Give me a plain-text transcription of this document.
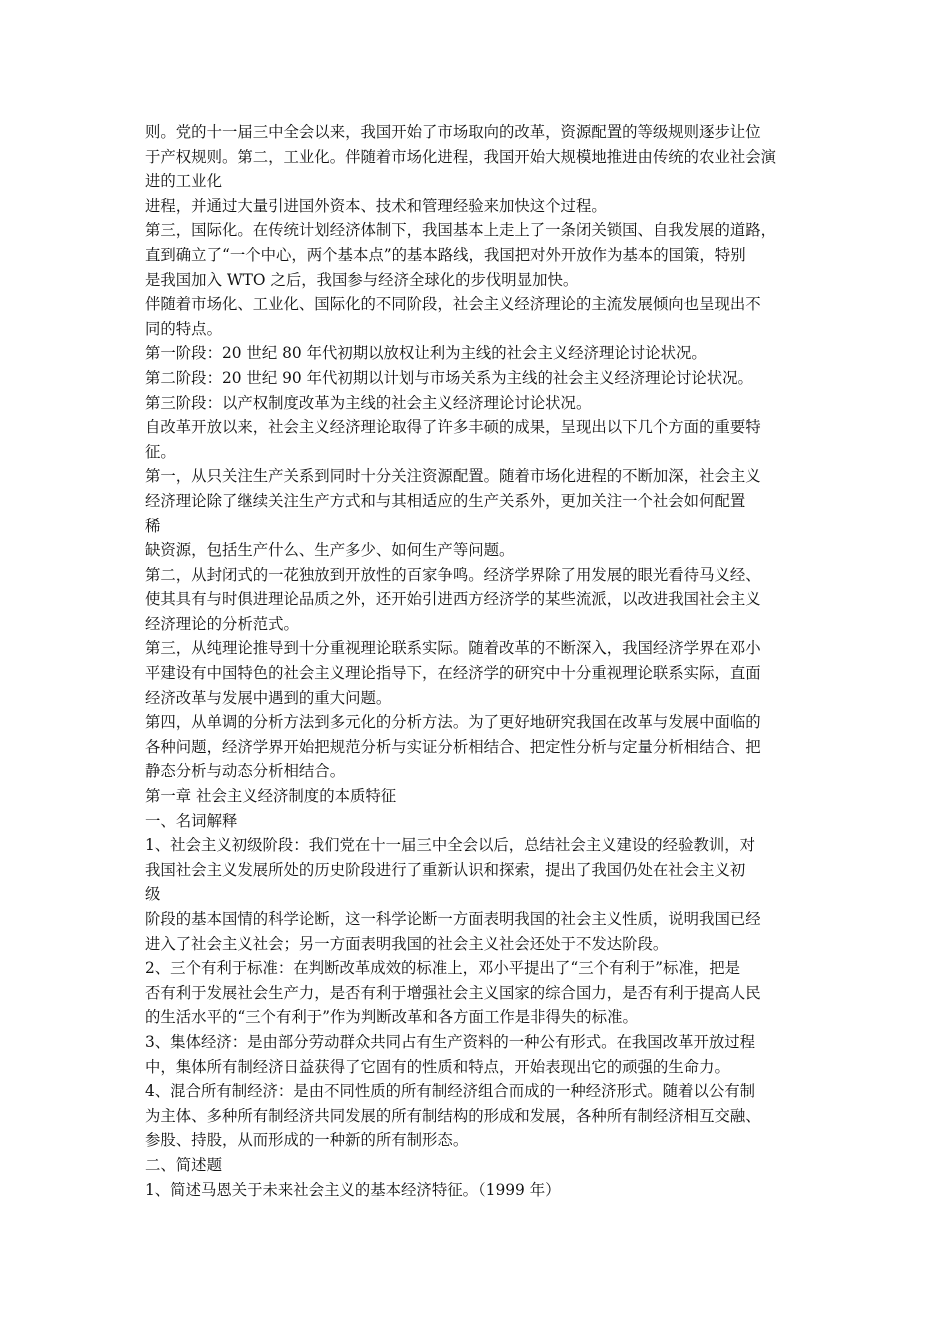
则。党的十一届三中全会以来，我国开始了市场取向的改革，资源配置的等级规则逐步让位
于产权规则。第二，工业化。伴随着市场化进程，我国开始大规模地推进由传统的农业社会演
进的工业化
进程，并通过大量引进国外资本、技术和管理经验来加快这个过程。
第三，国际化。在传统计划经济体制下，我国基本上走上了一条闭关锁国、自我发展的道路，
直到确立了“一个中心，两个基本点”的基本路线，我国把对外开放作为基本的国策，特别
是我国加入 WTO 之后，我国参与经济全球化的步伐明显加快。
伴随着市场化、工业化、国际化的不同阶段，社会主义经济理论的主流发展倾向也呈现出不
同的特点。
第一阶段：20 世纪 80 年代初期以放权让利为主线的社会主义经济理论讨论状况。
第二阶段：20 世纪 90 年代初期以计划与市场关系为主线的社会主义经济理论讨论状况。
第三阶段：以产权制度改革为主线的社会主义经济理论讨论状况。
自改革开放以来，社会主义经济理论取得了许多丰硕的成果，呈现出以下几个方面的重要特
征。
第一，从只关注生产关系到同时十分关注资源配置。随着市场化进程的不断加深，社会主义
经济理论除了继续关注生产方式和与其相适应的生产关系外，更加关注一个社会如何配置
稀
缺资源，包括生产什么、生产多少、如何生产等问题。
第二，从封闭式的一花独放到开放性的百家争鸣。经济学界除了用发展的眼光看待马义经、
使其具有与时俱进理论品质之外，还开始引进西方经济学的某些流派，以改进我国社会主义
经济理论的分析范式。
第三，从纯理论推导到十分重视理论联系实际。随着改革的不断深入，我国经济学界在邓小
平建设有中国特色的社会主义理论指导下，在经济学的研究中十分重视理论联系实际，直面
经济改革与发展中遇到的重大问题。
第四，从单调的分析方法到多元化的分析方法。为了更好地研究我国在改革与发展中面临的
各种问题，经济学界开始把规范分析与实证分析相结合、把定性分析与定量分析相结合、把
静态分析与动态分析相结合。
第一章 社会主义经济制度的本质特征
一、名词解释
1、社会主义初级阶段：我们党在十一届三中全会以后，总结社会主义建设的经验教训，对
我国社会主义发展所处的历史阶段进行了重新认识和探索，提出了我国仍处在社会主义初
级
阶段的基本国情的科学论断，这一科学论断一方面表明我国的社会主义性质，说明我国已经
进入了社会主义社会；另一方面表明我国的社会主义社会还处于不发达阶段。
2、三个有利于标准：在判断改革成效的标准上，邓小平提出了“三个有利于”标准，把是
否有利于发展社会生产力，是否有利于增强社会主义国家的综合国力，是否有利于提高人民
的生活水平的“三个有利于”作为判断改革和各方面工作是非得失的标准。
3、集体经济：是由部分劳动群众共同占有生产资料的一种公有形式。在我国改革开放过程
中，集体所有制经济日益获得了它固有的性质和特点，开始表现出它的顽强的生命力。
4、混合所有制经济：是由不同性质的所有制经济组合而成的一种经济形式。随着以公有制
为主体、多种所有制经济共同发展的所有制结构的形成和发展，各种所有制经济相互交融、
参股、持股，从而形成的一种新的所有制形态。
二、简述题
1、简述马恩关于未来社会主义的基本经济特征。（1999 年）
